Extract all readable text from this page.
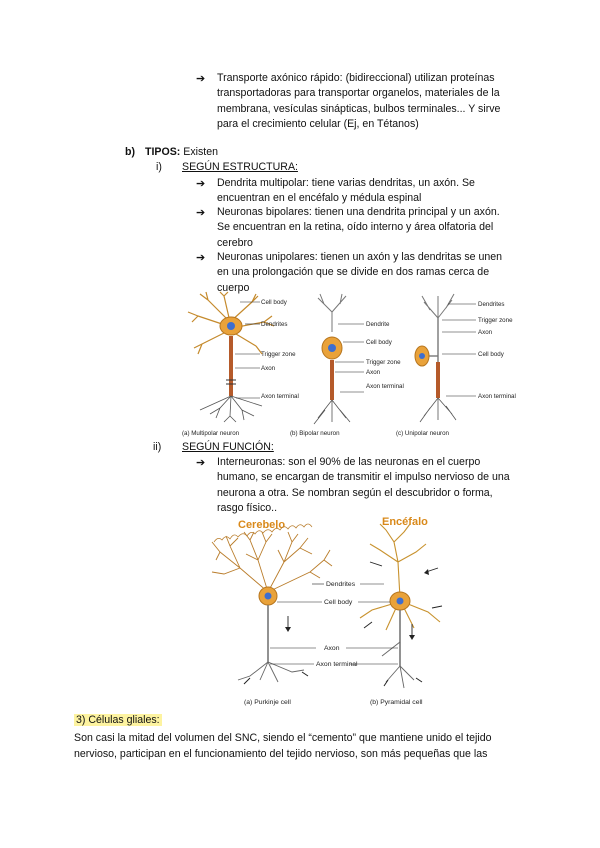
➔ Transporte axónico rápido: (bidireccional) utilizan proteínas
transportadoras para transportar organelos, materiales de la
membrana, vesículas sinápticas, bulbos terminales... Y sirve
para el crecimiento celular (Ej, en Tétanos)
b) TIPOS: Existen
i) SEGÚN ESTRUCTURA:
➔ Dendrita multipolar: tiene varias dendritas, un axón. Se
encuentran en el encéfalo y médula espinal
➔ Neuronas bipolares: tienen una dendrita principal y un axón.
Se encuentran en la retina, oído interno y área olfatoria del
cerebro
➔ Neuronas unipolares: tienen un axón y las dendritas se unen
en una prolongación que se divide en dos ramas cerca de
cuerpo
Cell body
Dendrites
Trigger zone
Axon
Axon terminal
(a) Multipolar neuron
Dendrite
Cell body
Trigger zone
Axon
Axon terminal
(b) Bipolar neuron
Dendrites
Trigger zone
Axon
Cell body
Axon terminal
(c) Unipolar neuron
ii) SEGÚN FUNCIÓN:
➔ Interneuronas: son el 90% de las neuronas en el cuerpo
humano, se encargan de transmitir el impulso nervioso de una
neurona a otra. Se nombran según el descubridor o forma,
rasgo físico..
Cerebelo	Encéfalo
Dendrites
Cell body
Axon
Axon terminal
(a) Purkinje cell	(b) Pyramidal cell
3) Células gliales:
Son casi la mitad del volumen del SNC, siendo el “cemento” que mantiene unido el tejido
nervioso, participan en el funcionamiento del tejido nervioso, son más pequeñas que las
